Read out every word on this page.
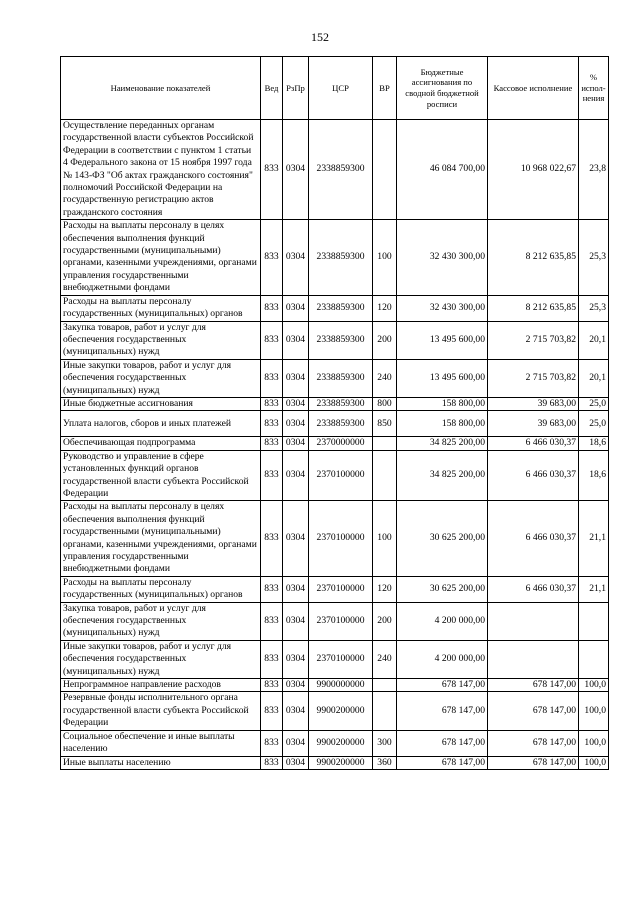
152
Наименование показателей	Вед	РзПр	ЦСР	ВР	Бюджетные ассигнования по сводной бюджетной росписи	Кассовое исполнение	% испол-нения
Осуществление переданных органам государственной власти субъектов Российской Федерации в соответствии с пунктом 1 статьи 4 Федерального закона от 15 ноября 1997 года № 143-ФЗ "Об актах гражданского состояния" полномочий Российской Федерации на государственную регистрацию актов гражданского состояния	833	0304	2338859300		46 084 700,00	10 968 022,67	23,8
Расходы на выплаты персоналу в целях обеспечения выполнения функций государственными (муниципальными) органами, казенными учреждениями, органами управления государственными внебюджетными фондами	833	0304	2338859300	100	32 430 300,00	8 212 635,85	25,3
Расходы на выплаты персоналу государственных (муниципальных) органов	833	0304	2338859300	120	32 430 300,00	8 212 635,85	25,3
Закупка товаров, работ и услуг для обеспечения государственных (муниципальных) нужд	833	0304	2338859300	200	13 495 600,00	2 715 703,82	20,1
Иные закупки товаров, работ и услуг для обеспечения государственных (муниципальных) нужд	833	0304	2338859300	240	13 495 600,00	2 715 703,82	20,1
Иные бюджетные ассигнования	833	0304	2338859300	800	158 800,00	39 683,00	25,0
Уплата налогов, сборов и иных платежей	833	0304	2338859300	850	158 800,00	39 683,00	25,0
Обеспечивающая подпрограмма	833	0304	2370000000		34 825 200,00	6 466 030,37	18,6
Руководство и управление в сфере установленных функций органов государственной власти субъекта Российской Федерации	833	0304	2370100000		34 825 200,00	6 466 030,37	18,6
Расходы на выплаты персоналу в целях обеспечения выполнения функций государственными (муниципальными) органами, казенными учреждениями, органами управления государственными внебюджетными фондами	833	0304	2370100000	100	30 625 200,00	6 466 030,37	21,1
Расходы на выплаты персоналу государственных (муниципальных) органов	833	0304	2370100000	120	30 625 200,00	6 466 030,37	21,1
Закупка товаров, работ и услуг для обеспечения государственных (муниципальных) нужд	833	0304	2370100000	200	4 200 000,00		
Иные закупки товаров, работ и услуг для обеспечения государственных (муниципальных) нужд	833	0304	2370100000	240	4 200 000,00		
Непрограммное направление расходов	833	0304	9900000000		678 147,00	678 147,00	100,0
Резервные фонды исполнительного органа государственной власти субъекта Российской Федерации	833	0304	9900200000		678 147,00	678 147,00	100,0
Социальное обеспечение и иные выплаты населению	833	0304	9900200000	300	678 147,00	678 147,00	100,0
Иные выплаты населению	833	0304	9900200000	360	678 147,00	678 147,00	100,0
